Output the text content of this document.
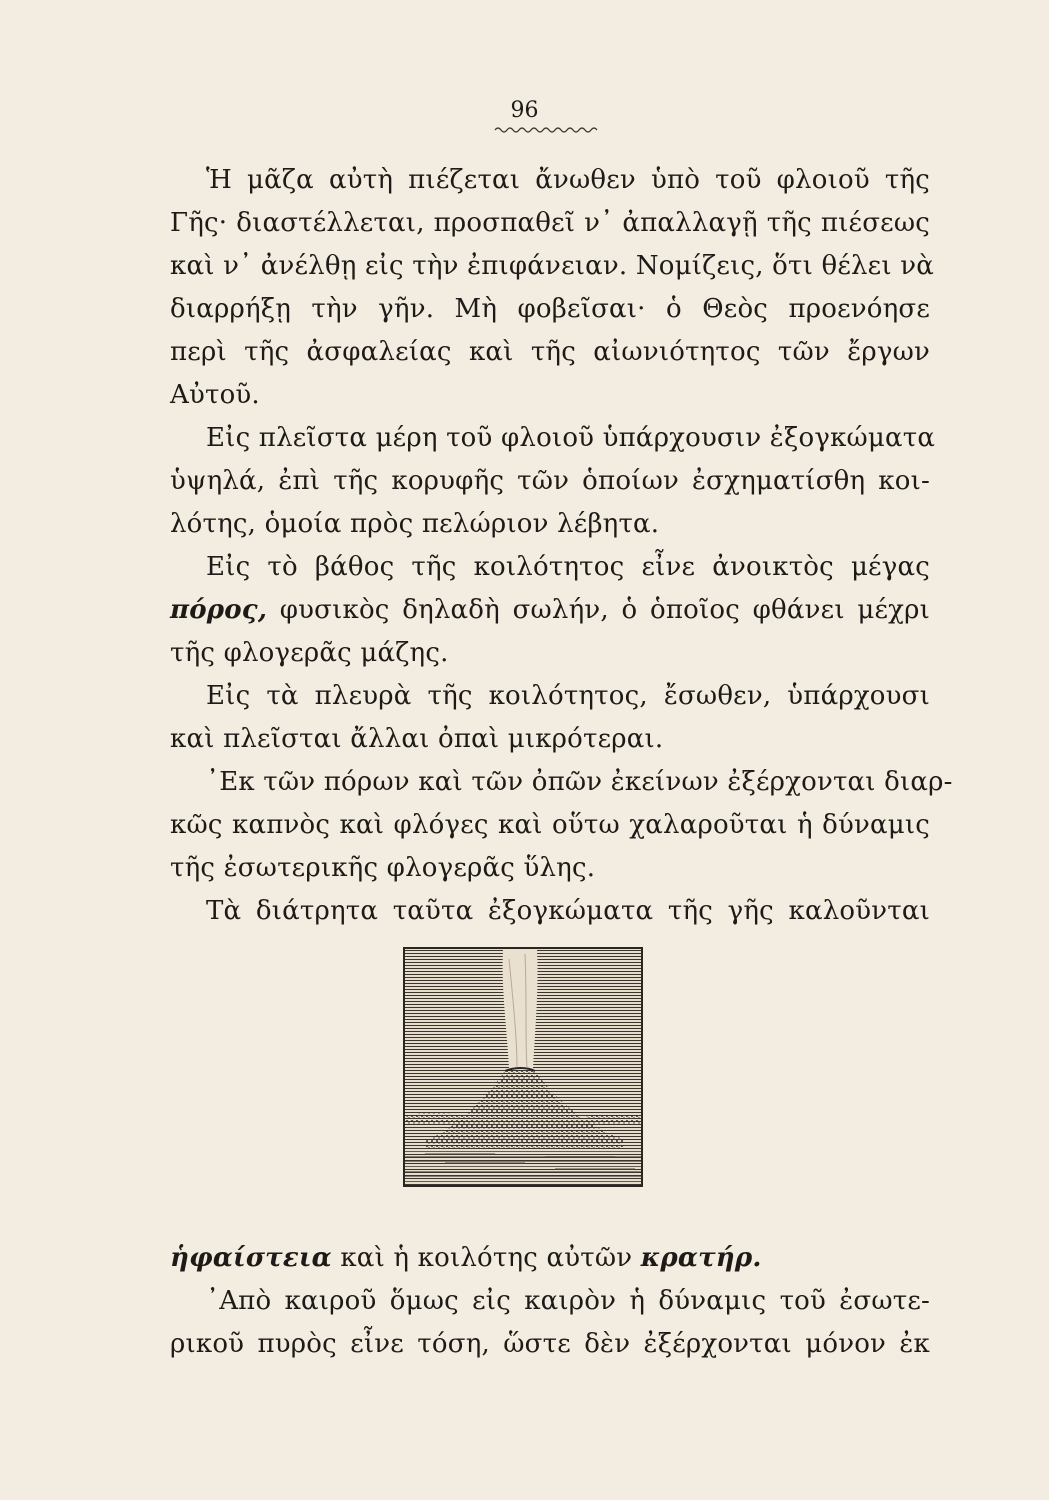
96
Ἡ μᾶζα αὐτὴ πιέζεται ἄνωθεν ὑπὸ τοῦ φλοιοῦ τῆς
Γῆς· διαστέλλεται, προσπαθεῖ ν᾽ ἀπαλλαγῇ τῆς πιέσεως
καὶ ν᾽ ἀνέλθῃ εἰς τὴν ἐπιφάνειαν. Νομίζεις, ὅτι θέλει νὰ
διαρρήξῃ τὴν γῆν. Μὴ φοβεῖσαι· ὁ Θεὸς προενόησε
περὶ τῆς ἀσφαλείας καὶ τῆς αἰωνιότητος τῶν ἔργων
Αὐτοῦ.
Εἰς πλεῖστα μέρη τοῦ φλοιοῦ ὑπάρχουσιν ἐξογκώματα
ὑψηλά, ἐπὶ τῆς κορυφῆς τῶν ὁποίων ἐσχηματίσθη κοι-
λότης, ὁμοία πρὸς πελώριον λέβητα.
Εἰς τὸ βάθος τῆς κοιλότητος εἶνε ἀνοικτὸς μέγας
πόρος, φυσικὸς δηλαδὴ σωλήν, ὁ ὁποῖος φθάνει μέχρι
τῆς φλογερᾶς μάζης.
Εἰς τὰ πλευρὰ τῆς κοιλότητος, ἔσωθεν, ὑπάρχουσι
καὶ πλεῖσται ἄλλαι ὀπαὶ μικρότεραι.
᾽Εκ τῶν πόρων καὶ τῶν ὀπῶν ἐκείνων ἐξέρχονται διαρ-
κῶς καπνὸς καὶ φλόγες καὶ οὕτω χαλαροῦται ἡ δύναμις
τῆς ἐσωτερικῆς φλογερᾶς ὕλης.
Τὰ διάτρητα ταῦτα ἐξογκώματα τῆς γῆς καλοῦνται
ἡφαίστεια καὶ ἡ κοιλότης αὐτῶν κρατήρ.
᾽Απὸ καιροῦ ὅμως εἰς καιρὸν ἡ δύναμις τοῦ ἐσωτε-
ρικοῦ πυρὸς εἶνε τόση, ὥστε δὲν ἐξέρχονται μόνον ἐκ
